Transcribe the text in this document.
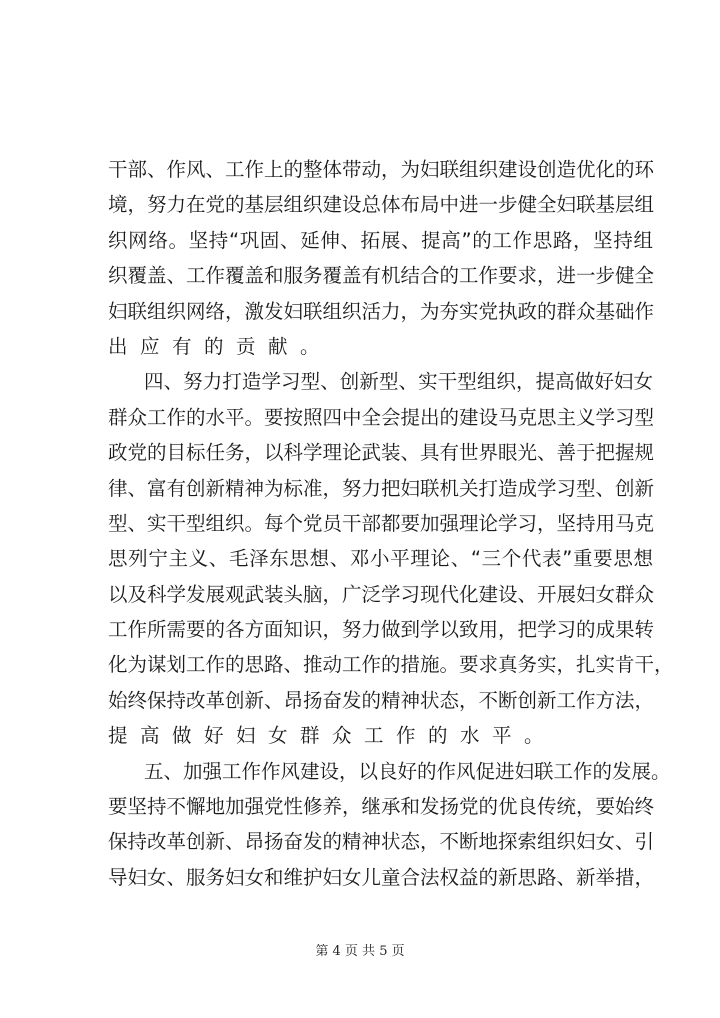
干部、作风、工作上的整体带动，为妇联组织建设创造优化的环
境，努力在党的基层组织建设总体布局中进一步健全妇联基层组
织网络。坚持“巩固、延伸、拓展、提高”的工作思路，坚持组
织覆盖、工作覆盖和服务覆盖有机结合的工作要求，进一步健全
妇联组织网络，激发妇联组织活力，为夯实党执政的群众基础作
出应有的贡献。
四、努力打造学习型、创新型、实干型组织，提高做好妇女
群众工作的水平。要按照四中全会提出的建设马克思主义学习型
政党的目标任务，以科学理论武装、具有世界眼光、善于把握规
律、富有创新精神为标准，努力把妇联机关打造成学习型、创新
型、实干型组织。每个党员干部都要加强理论学习，坚持用马克
思列宁主义、毛泽东思想、邓小平理论、“三个代表”重要思想
以及科学发展观武装头脑，广泛学习现代化建设、开展妇女群众
工作所需要的各方面知识，努力做到学以致用，把学习的成果转
化为谋划工作的思路、推动工作的措施。要求真务实，扎实肯干，
始终保持改革创新、昂扬奋发的精神状态，不断创新工作方法，
提高做好妇女群众工作的水平。
五、加强工作作风建设，以良好的作风促进妇联工作的发展。
要坚持不懈地加强党性修养，继承和发扬党的优良传统，要始终
保持改革创新、昂扬奋发的精神状态，不断地探索组织妇女、引
导妇女、服务妇女和维护妇女儿童合法权益的新思路、新举措，
第 4 页 共 5 页
